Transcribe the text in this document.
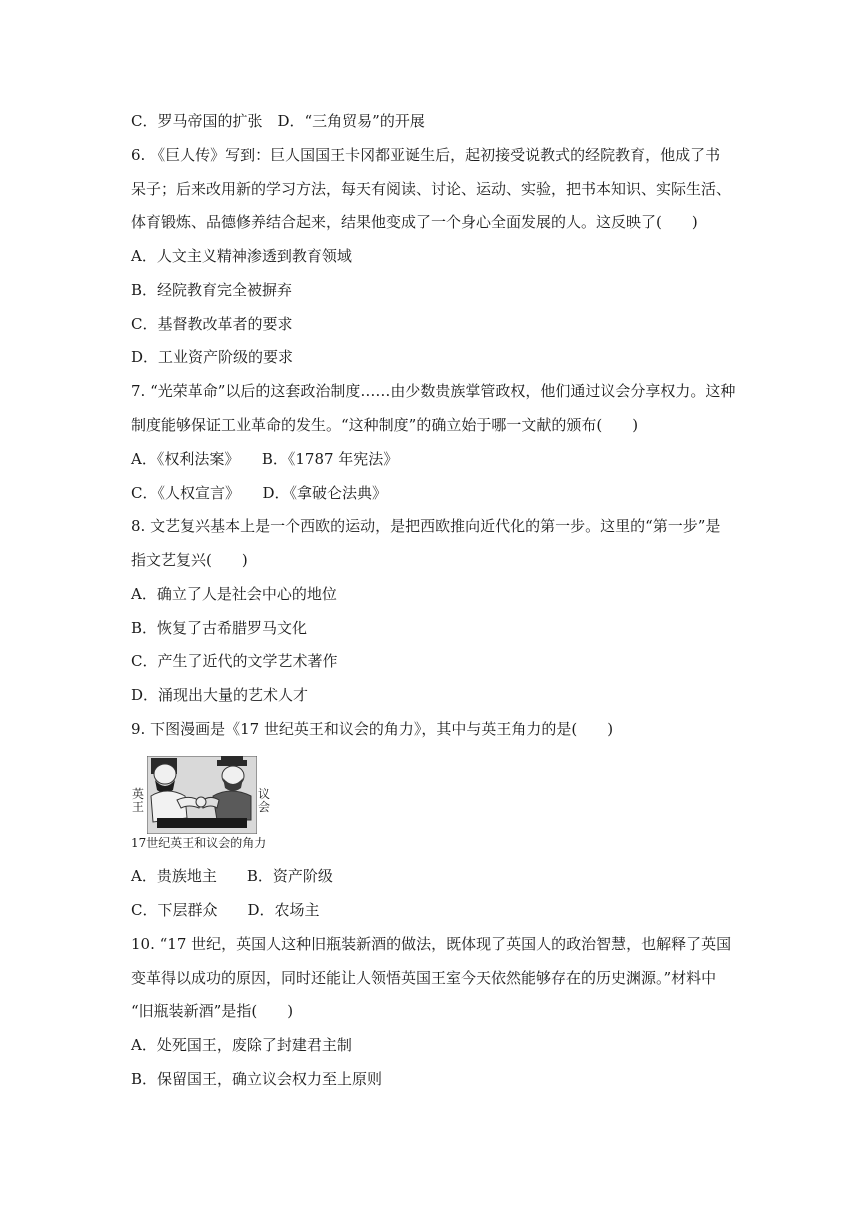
C．罗马帝国的扩张　D．“三角贸易”的开展
6. 《巨人传》写到：巨人国国王卡冈都亚诞生后，起初接受说教式的经院教育，他成了书
呆子；后来改用新的学习方法，每天有阅读、讨论、运动、实验，把书本知识、实际生活、
体育锻炼、品德修养结合起来，结果他变成了一个身心全面发展的人。这反映了(　　)
A．人文主义精神渗透到教育领域
B．经院教育完全被摒弃
C．基督教改革者的要求
D．工业资产阶级的要求
7. “光荣革命”以后的这套政治制度……由少数贵族掌管政权，他们通过议会分享权力。这种
制度能够保证工业革命的发生。“这种制度”的确立始于哪一文献的颁布(　　)
A．《权利法案》　　B．《1787 年宪法》
C．《人权宣言》　　D．《拿破仑法典》
8. 文艺复兴基本上是一个西欧的运动，是把西欧推向近代化的第一步。这里的“第一步”是
指文艺复兴(　　)
A．确立了人是社会中心的地位
B．恢复了古希腊罗马文化
C．产生了近代的文学艺术著作
D．涌现出大量的艺术人才
9. 下图漫画是《17 世纪英王和议会的角力》，其中与英王角力的是(　　)
英王
议会
17世纪英王和议会的角力
A．贵族地主　　B．资产阶级
C．下层群众　　D．农场主
10. “17 世纪，英国人这种旧瓶装新酒的做法，既体现了英国人的政治智慧，也解释了英国
变革得以成功的原因，同时还能让人领悟英国王室今天依然能够存在的历史渊源。”材料中
“旧瓶装新酒”是指(　　)
A．处死国王，废除了封建君主制
B．保留国王，确立议会权力至上原则
